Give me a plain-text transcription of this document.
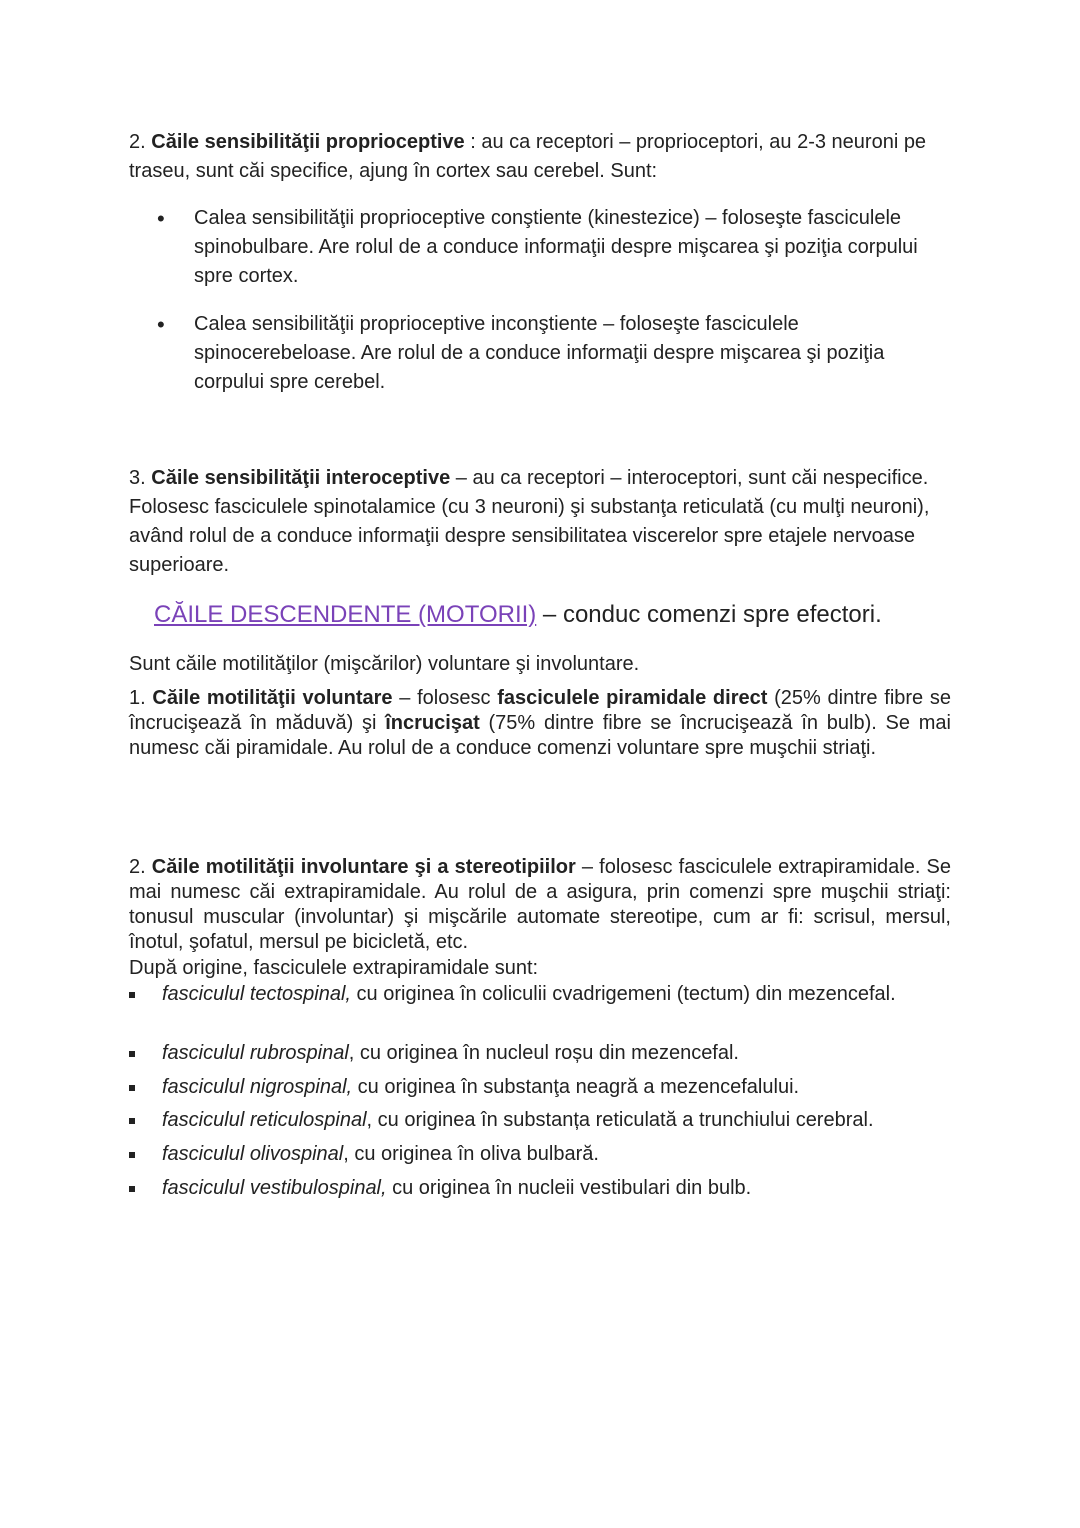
2. Căile sensibilităţii proprioceptive : au ca receptori – proprioceptori, au 2-3 neuroni pe traseu, sunt căi specifice, ajung în cortex sau cerebel. Sunt:

• Calea sensibilităţii proprioceptive conştiente (kinestezice) – foloseşte fasciculele spinobulbare. Are rolul de a conduce informaţii despre mişcarea şi poziţia corpului spre cortex.

• Calea sensibilităţii proprioceptive inconştiente – foloseşte fasciculele spinocerebeloase. Are rolul de a conduce informaţii despre mişcarea şi poziţia corpului spre cerebel.

3. Căile sensibilităţii interoceptive – au ca receptori – interoceptori, sunt căi nespecifice. Folosesc fasciculele spinotalamice (cu 3 neuroni) şi substanţa reticulată (cu mulţi neuroni), având rolul de a conduce informaţii despre sensibilitatea viscerelor spre etajele nervoase superioare.

CĂILE DESCENDENTE (MOTORII) – conduc comenzi spre efectori.

Sunt căile motilităţilor (mişcărilor) voluntare şi involuntare.

1. Căile motilităţii voluntare – folosesc fasciculele piramidale direct (25% dintre fibre se încrucişează în măduvă) şi încrucişat (75% dintre fibre se încrucişează în bulb). Se mai numesc căi piramidale. Au rolul de a conduce comenzi voluntare spre muşchii striaţi.

2. Căile motilităţii involuntare şi a stereotipiilor – folosesc fasciculele extrapiramidale. Se mai numesc căi extrapiramidale. Au rolul de a asigura, prin comenzi spre muşchii striaţi: tonusul muscular (involuntar) şi mişcările automate stereotipe, cum ar fi: scrisul, mersul, înotul, şofatul, mersul pe bicicletă, etc.

După origine, fasciculele extrapiramidale sunt:

fasciculul tectospinal, cu originea în coliculii cvadrigemeni (tectum) din mezencefal.

fasciculul rubrospinal, cu originea în nucleul roșu din mezencefal.

fasciculul nigrospinal, cu originea în substanţa neagră a mezencefalului.

fasciculul reticulospinal, cu originea în substanța reticulată a trunchiului cerebral.

fasciculul olivospinal, cu originea în oliva bulbară.

fasciculul vestibulospinal, cu originea în nucleii vestibulari din bulb.
